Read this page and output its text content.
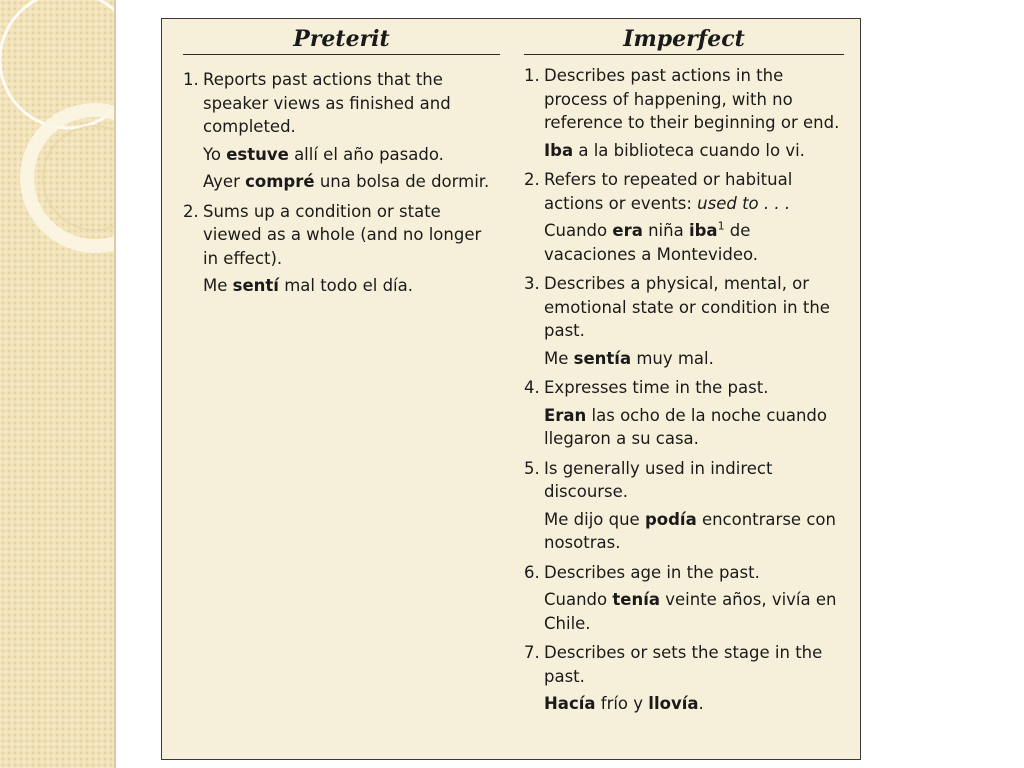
Preterit
1. Reports past actions that the speaker views as finished and completed.
Yo estuve allí el año pasado.
Ayer compré una bolsa de dormir.
2. Sums up a condition or state viewed as a whole (and no longer in effect).
Me sentí mal todo el día.
Imperfect
1. Describes past actions in the process of happening, with no reference to their beginning or end.
Iba a la biblioteca cuando lo vi.
2. Refers to repeated or habitual actions or events: used to . . .
Cuando era niña iba$^1$ de vacaciones a Montevideo.
3. Describes a physical, mental, or emotional state or condition in the past.
Me sentía muy mal.
4. Expresses time in the past.
Eran las ocho de la noche cuando llegaron a su casa.
5. Is generally used in indirect discourse.
Me dijo que podía encontrarse con nosotras.
6. Describes age in the past.
Cuando tenía veinte años, vivía en Chile.
7. Describes or sets the stage in the past.
Hacía frío y llovía.
